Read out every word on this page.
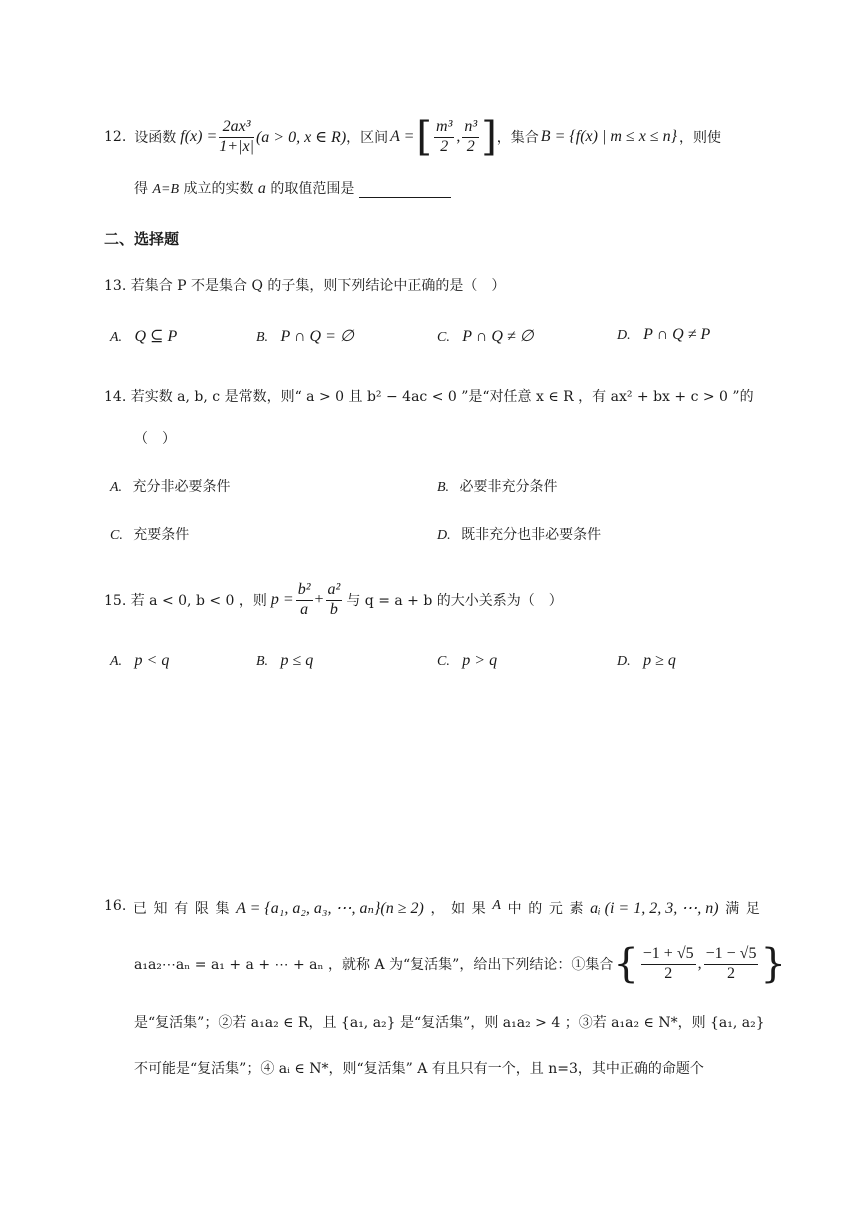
12. 设函数 $f(x) = \frac{\text{2ax³}}{1+|x|} (a > 0$, x ∈ R) ，区间 A = [ $\frac{\text{m³}}{2}$ , $\frac{\text{n³}}{2}$ ] ，集合 B = {f(x) | m ≤ x ≤ n} ，则使
得 A=B 成立的实数 a 的取值范围是
二、选择题
13. 若集合 P 不是集合 Q 的子集，则下列结论中正确的是（　）
A. Q ⊆ P	B. P ∩ Q = ∅	C. P ∩ Q ≠ ∅	D. P ∩ Q ≠ P
14. 若实数 a, b, c 是常数，则“ a > 0 且 b² − 4ac < 0 ”是“对任意 x ∈ R ，有 ax² + bx + c > 0 ”的
（　）
A. 充分非必要条件	B. 必要非充分条件
C. 充要条件	D. 既非充分也非必要条件
15. 若 a < 0, b < 0 ，则 $p = \frac{\text{b²}}{a} + \frac{\text{a²}}{b}$ 与 q = a + b 的大小关系为（　）
A. p < q	B. p ≤ q	C. p > q	D. p ≥ q
16. 已 知 有 限 集 A = {a₁, a₂, a₃, ⋯, aₙ}(n ≥ 2) ， 如 果 A 中 的 元 素 aᵢ (i = 1, 2, 3, ⋯, n) 满 足
a₁a₂⋯aₙ = a₁ + a + ⋯ + aₙ ，就称 A 为“复活集”，给出下列结论：①集合 { $\frac{-1 + √5}{2}$ , $\frac{-1 - √5}{2}$ }
是“复活集”；②若 a₁a₂ ∈ R，且 {a₁, a₂} 是“复活集”，则 a₁a₂ > 4 ；③若 a₁a₂ ∈ N*，则 {a₁, a₂}
不可能是“复活集”；④ aᵢ ∈ N*，则“复活集” A 有且只有一个，且 n=3，其中正确的命题个
